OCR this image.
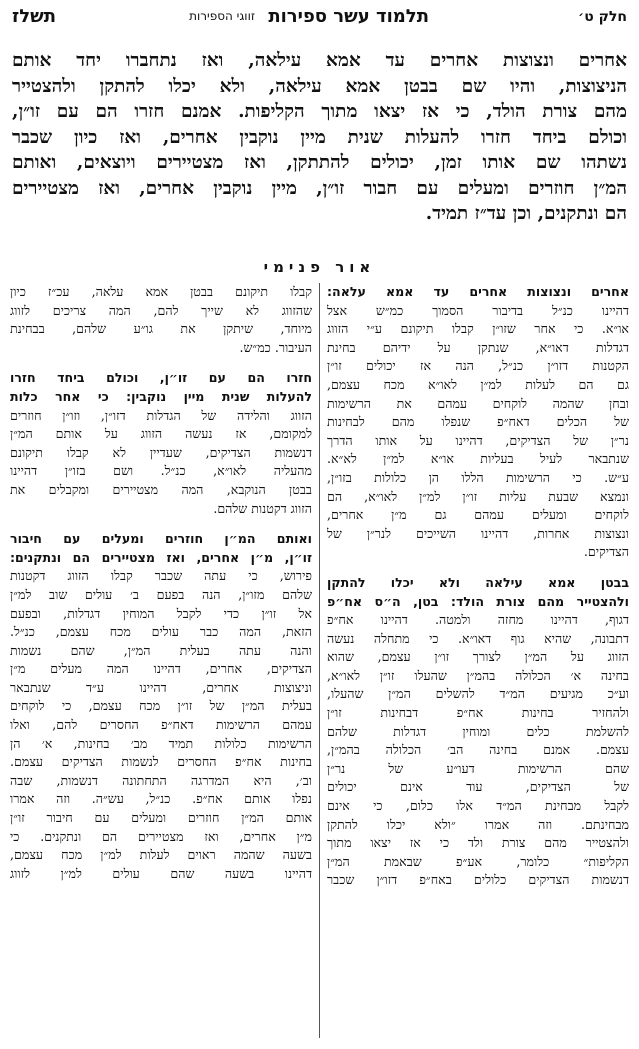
חלק ט׳
תלמוד עשר ספירות
זווגי הספירות
תשלז
אחרים ונצוצות אחרים עד אמא עילאה, ואז נתחברו יחד אותם
הניצוצות, והיו שם בבטן אמא עילאה, ולא יכלו להתקן ולהצטייר
מהם צורת הולד, כי אז יצאו מתוך הקליפות. אמנם חזרו הם עם זו״ן,
וכולם ביחד חזרו להעלות שנית מיין נוקבין אחרים, ואז כיון שכבר
נשתהו שם אותו זמן, יכולים להתתקן, ואז מצטיירים ויוצאים, ואותם
המ״ן חוזרים ומעלים עם חבור זו״ן, מיין נוקבין אחרים, ואז מצטיירים
הם ונתקנים, וכן עד״ז תמיד.
אור פנימי
אחרים ונצוצות אחרים עד אמא עלאה:
דהיינו כנ״ל בדיבור הסמוך כמ״ש אצל
או״א. כי אחר שזו״ן קבלו תיקונם ע״י הזווג
דגדלות דאו״א, שנתקן על ידיהם בחינת
הקטנות דזו״ן כנ״ל, הנה אז יכולים זו״ן
גם הם לעלות למ״ן לאו״א מכח עצמם,
ובחן שהמה לוקחים עמהם את הרשימות
של הכלים דאח״פ שנפלו מהם לבחינות
נר״ן של הצדיקים, דהיינו על אותו הדרך
שנתבאר לעיל בעליות או״א למ״ן לא״א.
ע״ש. כי הרשימות הללו הן כלולות בזו״ן,
ונמצא שבעת עליות זו״ן למ״ן לאו״א, הם
לוקחים ומעלים עמהם גם מ״ן אחרים,
ונצוצות אחרות, דהיינו השייכים לנר״ן של
הצדיקים.
בבטן אמא עילאה ולא יכלו להתקן
ולהצטייר מהם צורת הולד: בטן, ה״ס אח״פ
דגוף, דהיינו מחזה ולמטה. דהיינו אח״פ
דתבונה, שהיא גוף דאו״א. כי מתחלה נעשה
הזווג על המ״ן לצורך זו״ן עצמם, שהוא
בחינה א׳ הכלולה בהמ״ן שהעלו זו״ן לאו״א,
וע״כ מגיעים המ״ד להשלים המ״ן שהעלו,
ולהחזיר בחינות אח״פ דבחינות זו״ן
להשלמת כלים ומוחין דגדלות שלהם
עצמם. אמנם בחינה הב׳ הכלולה בהמ״ן,
שהם הרשימות דעו״ע של נר״ן
של הצדיקים, עוד אינם יכולים
לקבל מבחינת המ״ד אלו כלום, כי אינם
מבחינתם. וזה אמרו ״ולא יכלו להתקן
ולהצטייר מהם צורת ולד כי אז יצאו מתוך
הקליפות״ כלומר, אע״פ שבאמת המ״ן
דנשמות הצדיקים כלולים באח״פ דזו״ן שכבר
קבלו תיקונם בבטן אמא עלאה, עכ״ז כיון
שהזווג לא שייך להם, המה צריכים לזווג
מיוחד, שיתקן את גו״ע שלהם, בבחינת
העיבור. כמ״ש.
חזרו הם עם זו״ן, וכולם ביחד חזרו
להעלות שנית מיין נוקבין: כי אחר כלות
הזווג והלידה של הגדלות דזו״ן, וזו״ן חוזרים
למקומם, אז נעשה הזווג על אותם המ״ן
דנשמות הצדיקים, שעדיין לא קבלו תיקונם
מהעליה לאו״א, כנ״ל. ושם בזו״ן דהיינו
בבטן הנוקבא, המה מצטיירים ומקבלים את
הזווג דקטנות שלהם.
ואותם המ״ן חוזרים ומעלים עם חיבור
זו״ן, מ״ן אחרים, ואז מצטיירים הם ונתקנים:
פירוש, כי עתה שכבר קבלו הזווג דקטנות
שלהם מזו״ן, הנה בפעם ב׳ עולים שוב למ״ן
אל זו״ן כדי לקבל המוחין דגדלות, ובפעם
הזאת, המה כבר עולים מכח עצמם, כנ״ל.
והנה עתה בעלית המ״ן, שהם נשמות
הצדיקים, אחרים, דהיינו המה מעלים מ״ן
וניצוצות אחרים, דהיינו ע״ד שנתבאר
בעלית המ״ן של זו״ן מכח עצמם, כי לוקחים
עמהם הרשימות דאח״פ החסרים להם, ואלו
הרשימות כלולות תמיד מב׳ בחינות, א׳ הן
בחינות אח״פ החסרים לנשמות הצדיקים עצמם.
וב׳, היא המדרגה התחתונה דנשמות, שבה
נפלו אותם אח״פ. כנ״ל, עש״ה. וזה אמרו
אותם המ״ן חוזרים ומעלים עם חיבור זו״ן
מ״ן אחרים, ואז מצטיירים הם ונתקנים. כי
בשעה שהמה ראוים לעלות למ״ן מכח עצמם,
דהיינו בשעה שהם עולים למ״ן לזווג
